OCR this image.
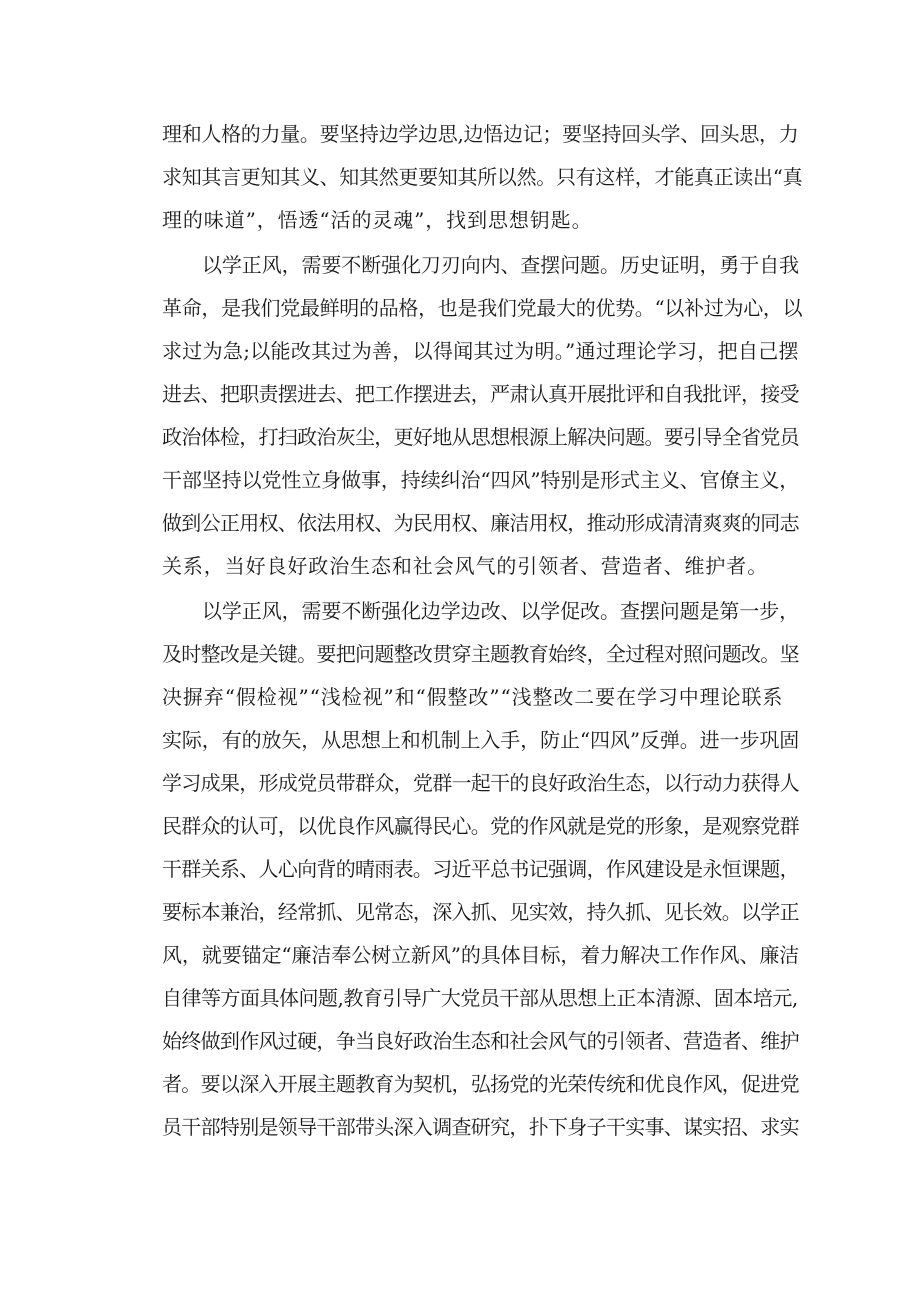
理和人格的力量。要坚持边学边思,边悟边记；要坚持回头学、回头思，力
求知其言更知其义、知其然更要知其所以然。只有这样，才能真正读出“真
理的味道”，悟透“活的灵魂”，找到思想钥匙。
以学正风，需要不断强化刀刃向内、查摆问题。历史证明，勇于自我
革命，是我们党最鲜明的品格，也是我们党最大的优势。“以补过为心，以
求过为急;以能改其过为善，以得闻其过为明。”通过理论学习，把自己摆
进去、把职责摆进去、把工作摆进去，严肃认真开展批评和自我批评，接受
政治体检，打扫政治灰尘，更好地从思想根源上解决问题。要引导全省党员
干部坚持以党性立身做事，持续纠治“四风”特别是形式主义、官僚主义，
做到公正用权、依法用权、为民用权、廉洁用权，推动形成清清爽爽的同志
关系，当好良好政治生态和社会风气的引领者、营造者、维护者。
以学正风，需要不断强化边学边改、以学促改。查摆问题是第一步，
及时整改是关键。要把问题整改贯穿主题教育始终，全过程对照问题改。坚
决摒弃“假检视”“浅检视”和“假整改”“浅整改二要在学习中理论联系
实际，有的放矢，从思想上和机制上入手，防止“四风”反弹。进一步巩固
学习成果，形成党员带群众，党群一起干的良好政治生态，以行动力获得人
民群众的认可，以优良作风赢得民心。党的作风就是党的形象，是观察党群
干群关系、人心向背的晴雨表。习近平总书记强调，作风建设是永恒课题，
要标本兼治，经常抓、见常态，深入抓、见实效，持久抓、见长效。以学正
风，就要锚定“廉洁奉公树立新风”的具体目标，着力解决工作作风、廉洁
自律等方面具体问题,教育引导广大党员干部从思想上正本清源、固本培元,
始终做到作风过硬，争当良好政治生态和社会风气的引领者、营造者、维护
者。要以深入开展主题教育为契机，弘扬党的光荣传统和优良作风，促进党
员干部特别是领导干部带头深入调查研究，扑下身子干实事、谋实招、求实
